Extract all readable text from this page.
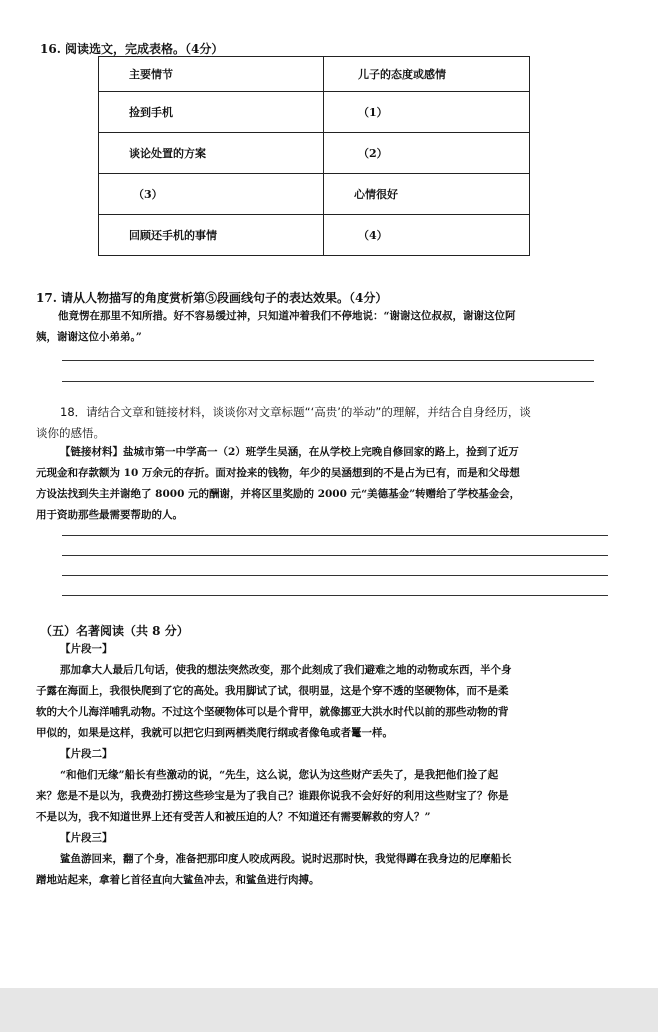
16. 阅读选文，完成表格。（4分）
主要情节	儿子的态度或感情
捡到手机	（1）
谈论处置的方案	（2）
（3）	心情很好
回顾还手机的事情	（4）
17. 请从人物描写的角度赏析第⑤段画线句子的表达效果。（4分）
他竟愣在那里不知所措。好不容易缓过神，只知道冲着我们不停地说：“谢谢这位叔叔，谢谢这位阿
姨，谢谢这位小弟弟。”
18．请结合文章和链接材料，谈谈你对文章标题“‘高贵’的举动”的理解，并结合自身经历，谈
谈你的感悟。
【链接材料】盐城市第一中学高一（2）班学生吴涵，在从学校上完晚自修回家的路上，捡到了近万
元现金和存款额为 10 万余元的存折。面对捡来的钱物，年少的吴涵想到的不是占为已有，而是和父母想
方设法找到失主并谢绝了 8000 元的酬谢，并将区里奖励的 2000 元“美德基金”转赠给了学校基金会，
用于资助那些最需要帮助的人。
（五）名著阅读（共 8 分）
【片段一】
那加拿大人最后几句话，使我的想法突然改变，那个此刻成了我们避难之地的动物或东西，半个身
子露在海面上，我很快爬到了它的高处。我用脚试了试，很明显，这是个穿不透的坚硬物体，而不是柔
软的大个儿海洋哺乳动物。不过这个坚硬物体可以是个背甲，就像挪亚大洪水时代以前的那些动物的背
甲似的，如果是这样，我就可以把它归到两栖类爬行纲或者像龟或者鼍一样。
【片段二】
“和他们无缘”船长有些激动的说，“先生，这么说，您认为这些财产丢失了，是我把他们捡了起
来？您是不是以为，我费劲打捞这些珍宝是为了我自己？谁跟你说我不会好好的利用这些财宝了？你是
不是以为，我不知道世界上还有受苦人和被压迫的人？不知道还有需要解救的穷人？”
【片段三】
鲨鱼游回来，翻了个身，准备把那印度人咬成两段。说时迟那时快，我觉得蹲在我身边的尼摩船长
蹭地站起来，拿着匕首径直向大鲨鱼冲去，和鲨鱼进行肉搏。
